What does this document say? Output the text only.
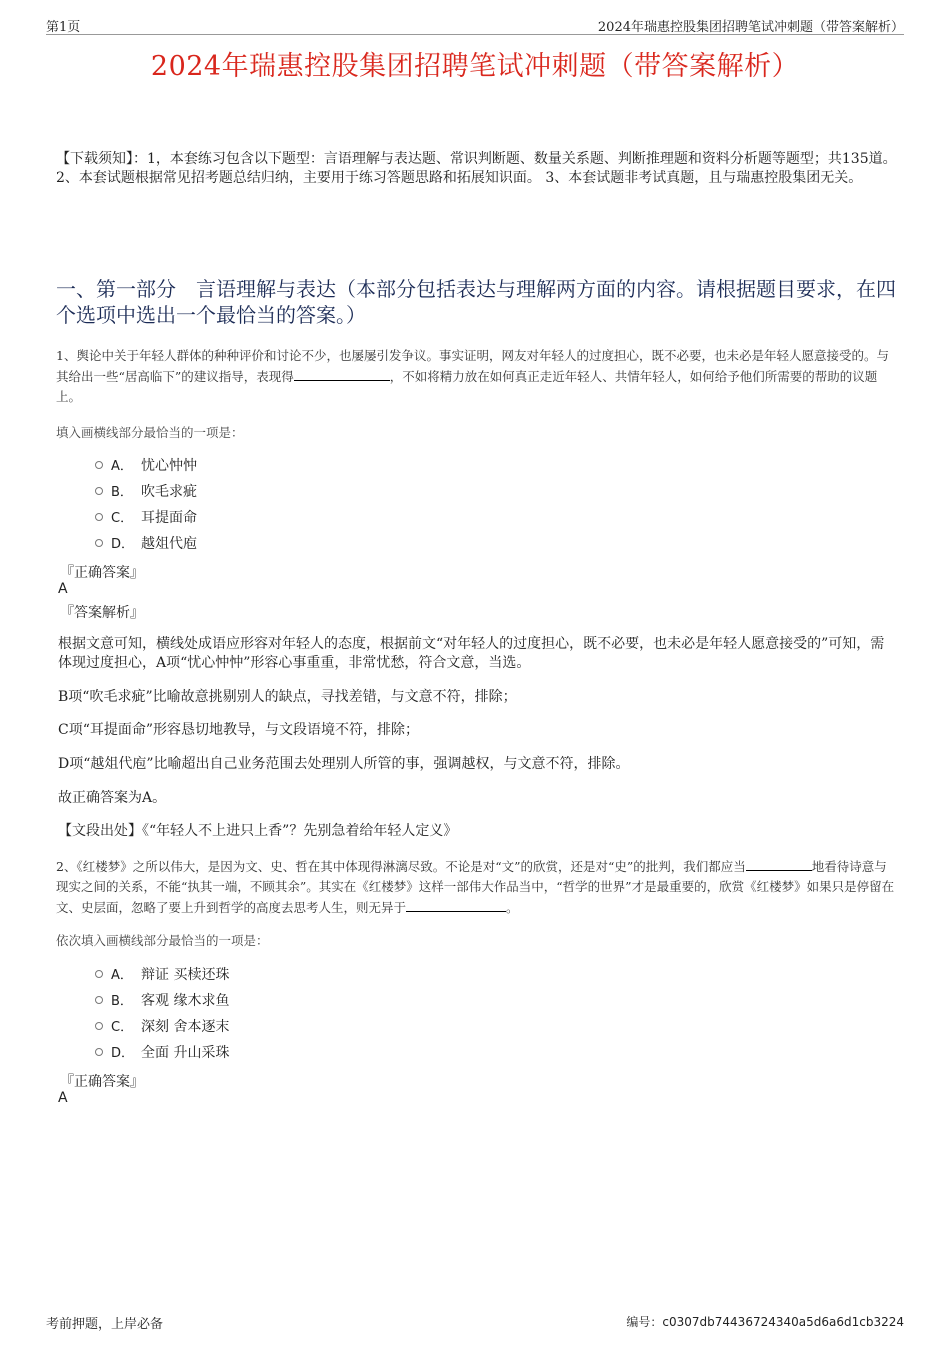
第1页	2024年瑞惠控股集团招聘笔试冲刺题（带答案解析）
2024年瑞惠控股集团招聘笔试冲刺题（带答案解析）
【下载须知】：1，本套练习包含以下题型：言语理解与表达题、常识判断题、数量关系题、判断推理题和资料分析题等题型；共135道。 2、本套试题根据常见招考题总结归纳，主要用于练习答题思路和拓展知识面。 3、本套试题非考试真题，且与瑞惠控股集团无关。
一、第一部分　言语理解与表达（本部分包括表达与理解两方面的内容。请根据题目要求，在四个选项中选出一个最恰当的答案。）
1、舆论中关于年轻人群体的种种评价和讨论不少，也屡屡引发争议。事实证明，网友对年轻人的过度担心，既不必要，也未必是年轻人愿意接受的。与其给出一些“居高临下”的建议指导，表现得	，不如将精力放在如何真正走近年轻人、共情年轻人，如何给予他们所需要的帮助的议题上。
填入画横线部分最恰当的一项是：
A． 忧心忡忡
B． 吹毛求疵
C． 耳提面命
D． 越俎代庖
『正确答案』
A
『答案解析』
根据文意可知，横线处成语应形容对年轻人的态度，根据前文“对年轻人的过度担心，既不必要，也未必是年轻人愿意接受的”可知，需体现过度担心，A项“忧心忡忡”形容心事重重，非常忧愁，符合文意，当选。
B项“吹毛求疵”比喻故意挑剔别人的缺点，寻找差错，与文意不符，排除；
C项“耳提面命”形容恳切地教导，与文段语境不符，排除；
D项“越俎代庖”比喻超出自己业务范围去处理别人所管的事，强调越权，与文意不符，排除。
故正确答案为A。
【文段出处】《“年轻人不上进只上香”？先别急着给年轻人定义》
2、《红楼梦》之所以伟大，是因为文、史、哲在其中体现得淋漓尽致。不论是对“文”的欣赏，还是对“史”的批判，我们都应当	地看待诗意与现实之间的关系，不能“执其一端，不顾其余”。其实在《红楼梦》这样一部伟大作品当中，“哲学的世界”才是最重要的，欣赏《红楼梦》如果只是停留在文、史层面，忽略了要上升到哲学的高度去思考人生，则无异于	。
依次填入画横线部分最恰当的一项是：
A． 辩证 买椟还珠
B． 客观 缘木求鱼
C． 深刻 舍本逐末
D． 全面 升山采珠
『正确答案』
A
考前押题，上岸必备	编号：c0307db74436724340a5d6a6d1cb3224
